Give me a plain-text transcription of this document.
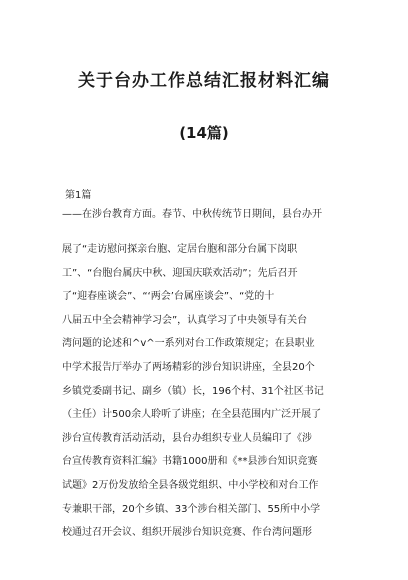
关于台办工作总结汇报材料汇编
(14篇)
第1篇
——在涉台教育方面。春节、中秋传统节日期间，县台办开
展了“走访慰问探亲台胞、定居台胞和部分台属下岗职
工”、“台胞台属庆中秋、迎国庆联欢活动”；先后召开
了“迎春座谈会”、“‘两会’台属座谈会”、“党的十
八届五中全会精神学习会”，认真学习了中央领导有关台
湾问题的论述和^v^一系列对台工作政策规定；在县职业
中学术报告厅举办了两场精彩的涉台知识讲座，全县20个
乡镇党委副书记、副乡（镇）长，196个村、31个社区书记
（主任）计500余人聆听了讲座；在全县范围内广泛开展了
涉台宣传教育活动活动，县台办组织专业人员编印了《涉
台宣传教育资料汇编》书籍1000册和《**县涉台知识竞赛
试题》2万份发放给全县各级党组织、中小学校和对台工作
专兼职干部，20个乡镇、33个涉台相关部门、55所中小学
校通过召开会议、组织开展涉台知识竞赛、作台湾问题形
